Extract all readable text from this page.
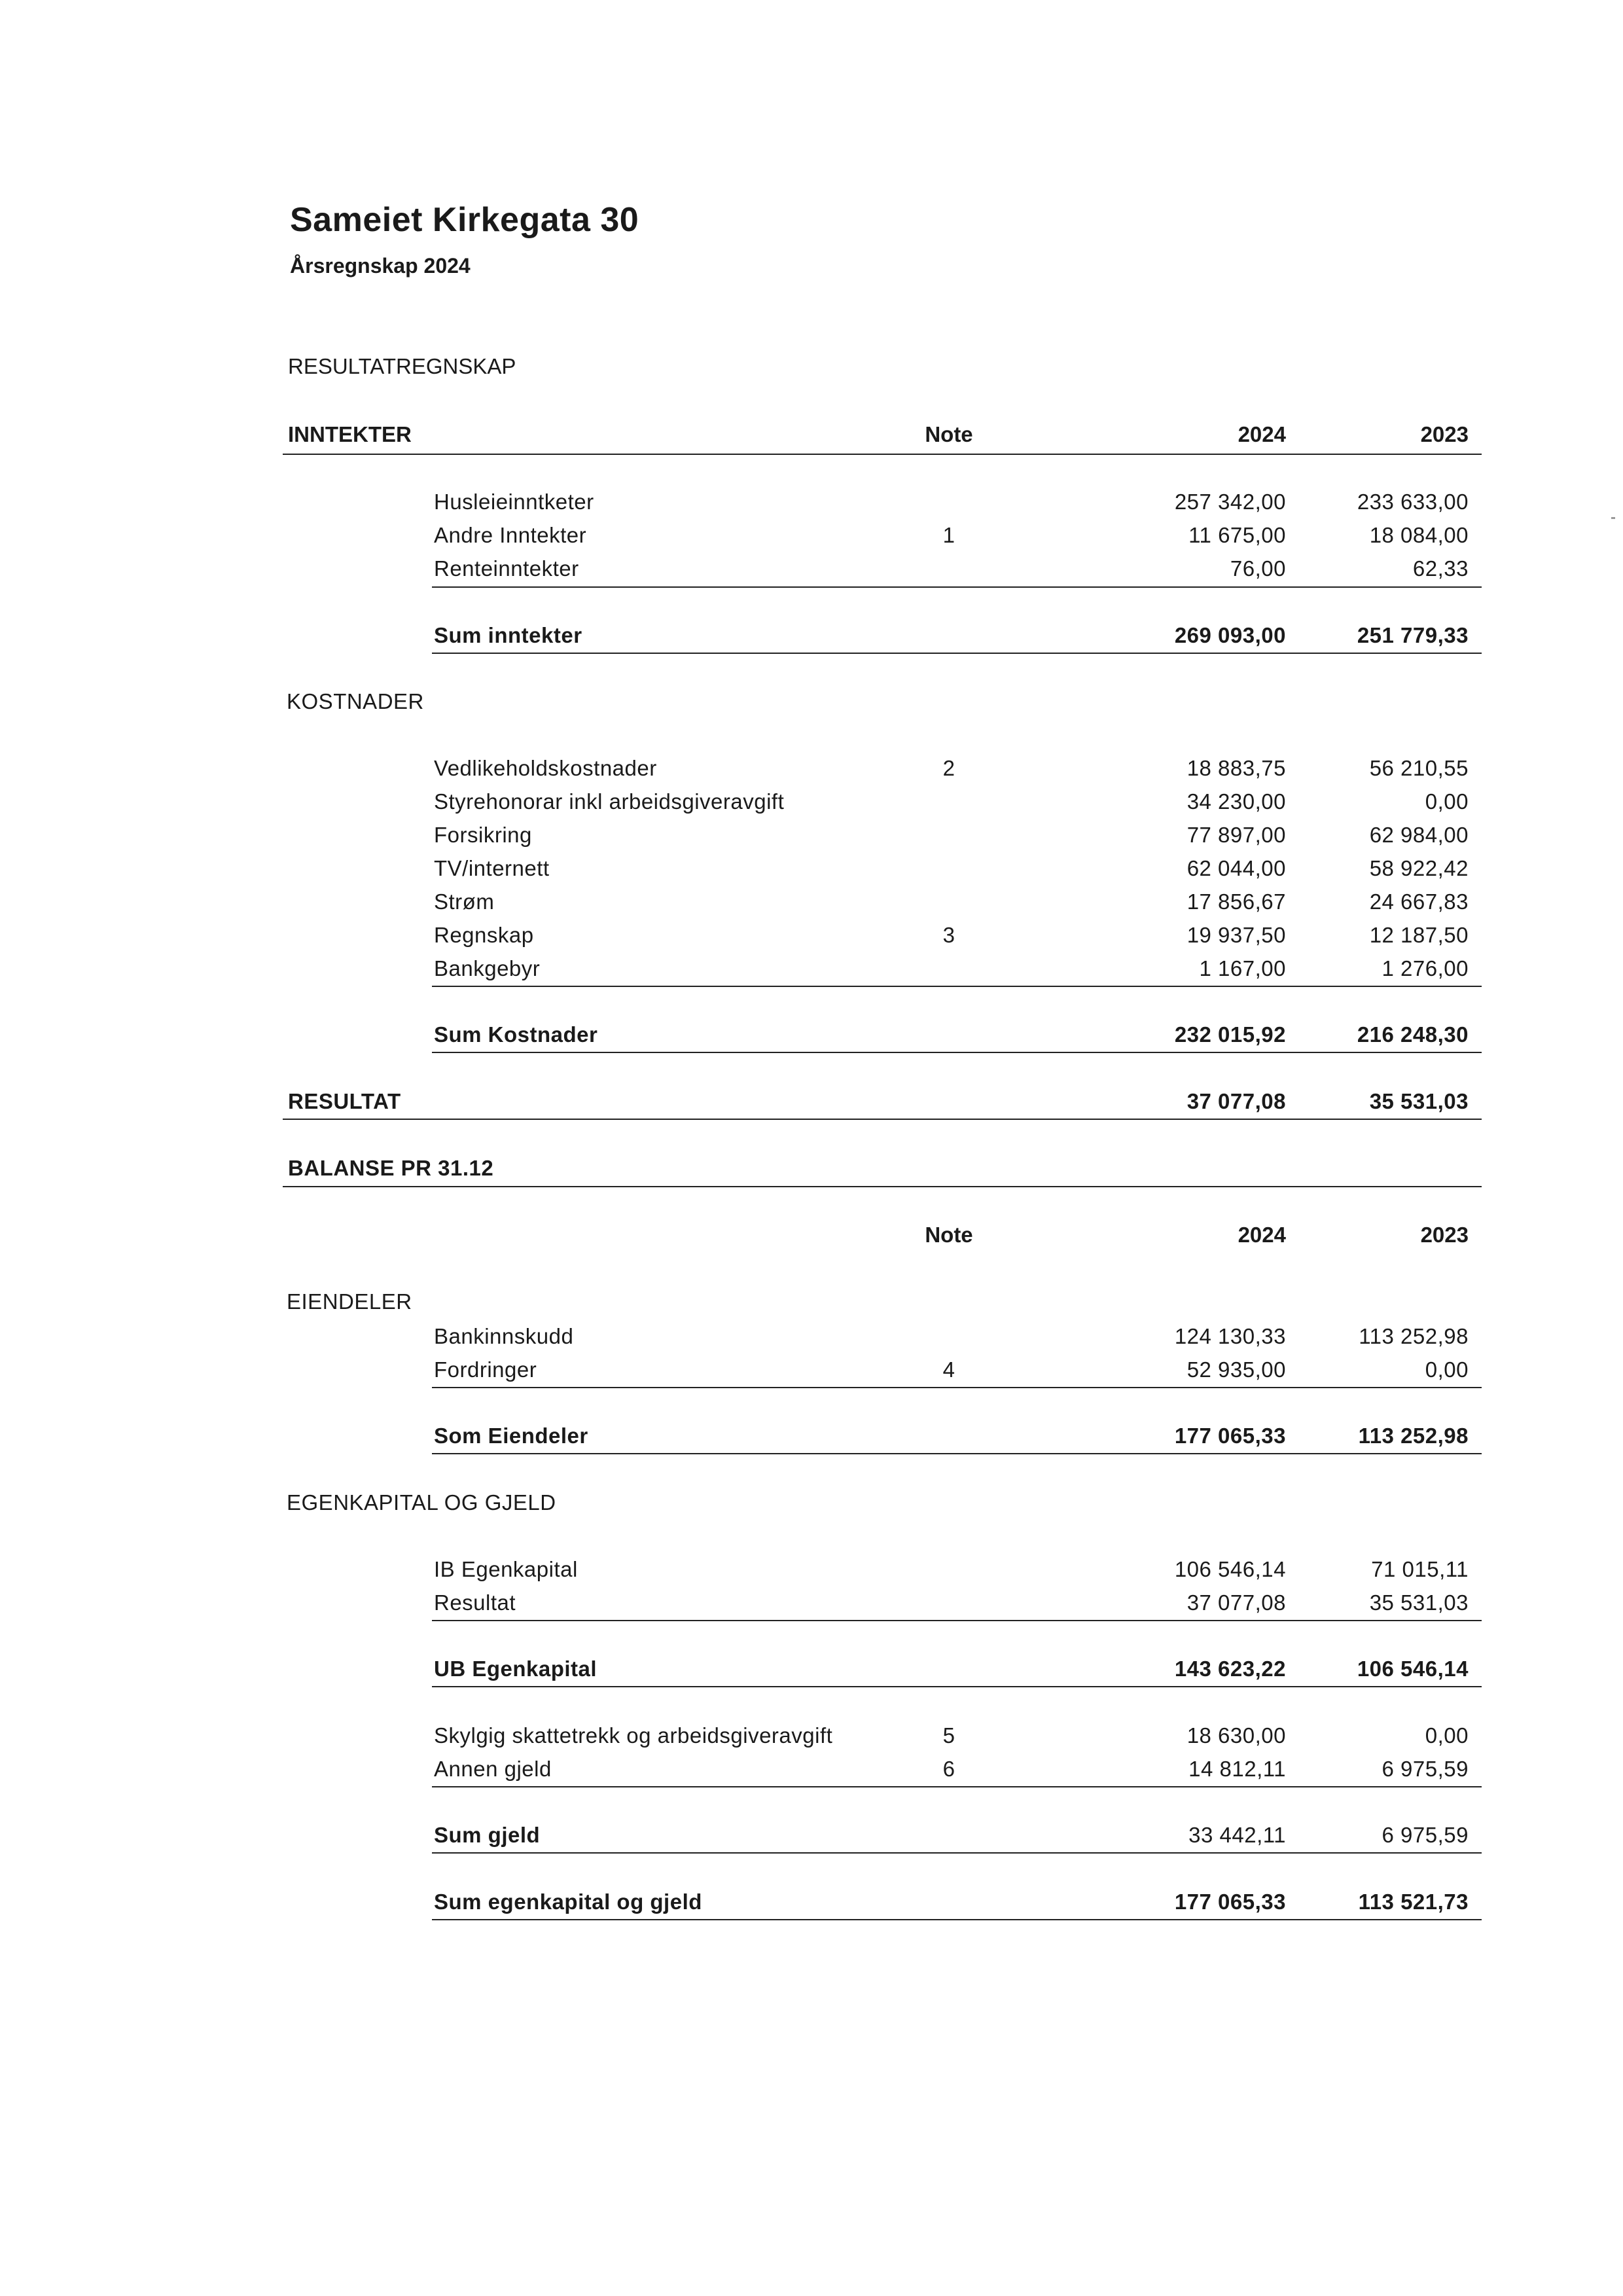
Sameiet Kirkegata 30
Årsregnskap 2024
RESULTATREGNSKAP
INNTEKTER	Note	2024	2023
Husleieinntketer	257 342,00	233 633,00
Andre Inntekter	1	11 675,00	18 084,00
Renteinntekter	76,00	62,33
Sum inntekter	269 093,00	251 779,33
KOSTNADER
Vedlikeholdskostnader	2	18 883,75	56 210,55
Styrehonorar inkl arbeidsgiveravgift	34 230,00	0,00
Forsikring	77 897,00	62 984,00
TV/internett	62 044,00	58 922,42
Strøm	17 856,67	24 667,83
Regnskap	3	19 937,50	12 187,50
Bankgebyr	1 167,00	1 276,00
Sum Kostnader	232 015,92	216 248,30
RESULTAT	37 077,08	35 531,03
BALANSE PR 31.12
Note	2024	2023
EIENDELER
Bankinnskudd	124 130,33	113 252,98
Fordringer	4	52 935,00	0,00
Som Eiendeler	177 065,33	113 252,98
EGENKAPITAL OG GJELD
IB Egenkapital	106 546,14	71 015,11
Resultat	37 077,08	35 531,03
UB Egenkapital	143 623,22	106 546,14
Skylgig skattetrekk og arbeidsgiveravgift	5	18 630,00	0,00
Annen gjeld	6	14 812,11	6 975,59
Sum gjeld	33 442,11	6 975,59
Sum egenkapital og gjeld	177 065,33	113 521,73
